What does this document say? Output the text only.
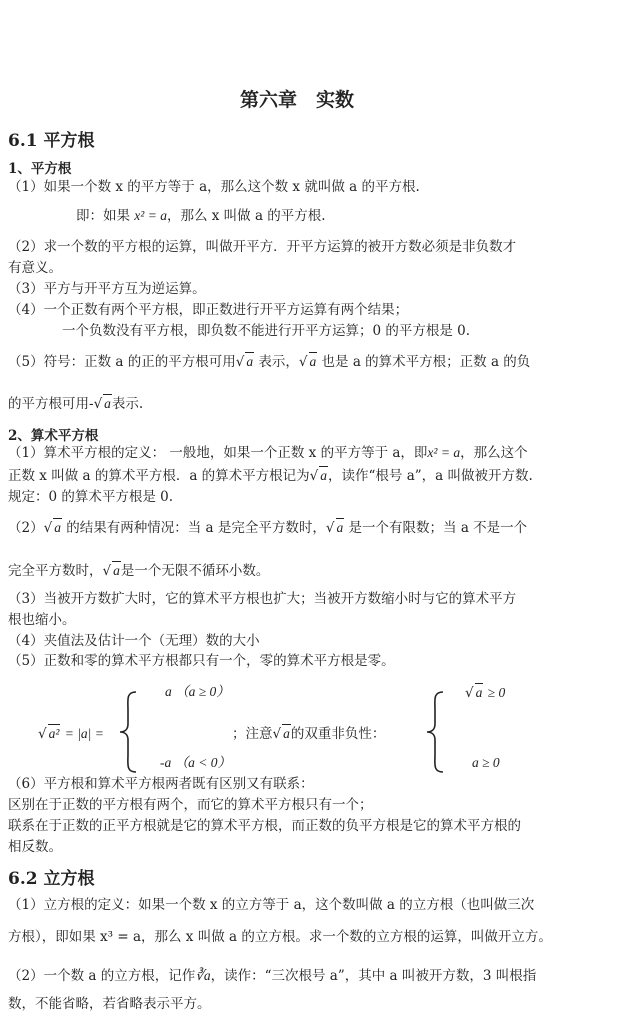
第六章　实数
6.1 平方根
1、平方根
（1）如果一个数 x 的平方等于 a，那么这个数 x 就叫做 a 的平方根.
即：如果 x² = a，那么 x 叫做 a 的平方根.
（2）求一个数的平方根的运算，叫做开平方．开平方运算的被开方数必须是非负数才
有意义。
（3）平方与开平方互为逆运算。
（4）一个正数有两个平方根，即正数进行开平方运算有两个结果；
一个负数没有平方根，即负数不能进行开平方运算；0 的平方根是 0.
（5）符号：正数 a 的正的平方根可用√ a 表示，√ a 也是 a 的算术平方根；正数 a 的负
的平方根可用-√ a表示.
2、算术平方根
（1）算术平方根的定义： 一般地，如果一个正数 x 的平方等于 a，即x² = a，那么这个
正数 x 叫做 a 的算术平方根．a 的算术平方根记为√ a，读作“根号 a”，a 叫做被开方数.
规定：0 的算术平方根是 0.
（2）√ a 的结果有两种情况：当 a 是完全平方数时，√ a 是一个有限数；当 a 不是一个
完全平方数时，√ a是一个无限不循环小数。
（3）当被开方数扩大时，它的算术平方根也扩大；当被开方数缩小时与它的算术平方
根也缩小。
（4）夹值法及估计一个（无理）数的大小
（5）正数和零的算术平方根都只有一个，零的算术平方根是零。
√ a² = |a| =
a （a ≥ 0）
-a （a < 0）
；注意√ a的双重非负性：
√ a ≥ 0
a ≥ 0
（6）平方根和算术平方根两者既有区别又有联系：
区别在于正数的平方根有两个，而它的算术平方根只有一个；
联系在于正数的正平方根就是它的算术平方根，而正数的负平方根是它的算术平方根的
相反数。
6.2 立方根
（1）立方根的定义：如果一个数 x 的立方等于 a，这个数叫做 a 的立方根（也叫做三次
方根），即如果 x³ = a，那么 x 叫做 a 的立方根。求一个数的立方根的运算，叫做开立方。
（2）一个数 a 的立方根，记作∛a，读作：“三次根号 a”，其中 a 叫被开方数，3 叫根指
数，不能省略，若省略表示平方。
